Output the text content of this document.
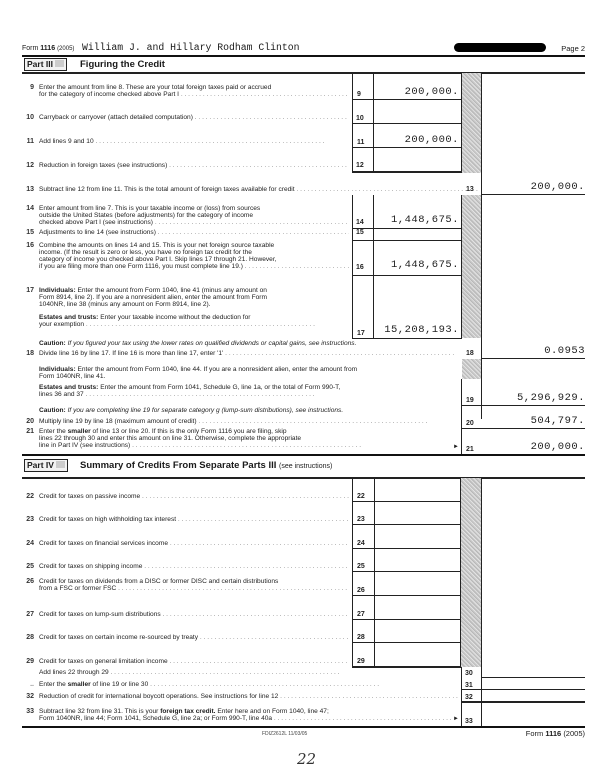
Form 1116 (2005) William J. and Hillary Rodham Clinton	Page 2
Part III	Figuring the Credit
9 Enter the amount from line 8. These are your total foreign taxes paid or accrued
for the category of income checked above Part I . . .	9	200,000.
10 Carryback or carryover (attach detailed computation) . . .	10
11 Add lines 9 and 10 . . .	11	200,000.
12 Reduction in foreign taxes (see instructions) . . .	12
13 Subtract line 12 from line 11. This is the total amount of foreign taxes available for credit . . .	13	200,000.
14 Enter amount from line 7. This is your taxable income or (loss) from sources
outside the United States (before adjustments) for the category of income
checked above Part I (see instructions) . . .	14	1,448,675.
15 Adjustments to line 14 (see instructions) . . .	15
16 Combine the amounts on lines 14 and 15. This is your net foreign source taxable
income. (If the result is zero or less, you have no foreign tax credit for the
category of income you checked above Part I. Skip lines 17 through 21. However,
if you are filing more than one Form 1116, you must complete line 19.) . . .	16	1,448,675.
17 Individuals: Enter the amount from Form 1040, line 41 (minus any amount on
Form 8914, line 2). If you are a nonresident alien, enter the amount from Form
1040NR, line 38 (minus any amount on Form 8914, line 2).
Estates and trusts: Enter your taxable income without the deduction for
your exemption . . .
17	15,208,193.
Caution: If you figured your tax using the lower rates on qualified dividends or capital gains, see instructions.
18 Divide line 16 by line 17. If line 16 is more than line 17, enter '1' . . .	18	0.0953
Individuals: Enter the amount from Form 1040, line 44. If you are a nonresident alien, enter the amount from
Form 1040NR, line 41.
Estates and trusts: Enter the amount from Form 1041, Schedule G, line 1a, or the total of Form 990-T,
lines 36 and 37 . . .
19	5,296,929.
Caution: If you are completing line 19 for separate category g (lump-sum distributions), see instructions.
20 Multiply line 19 by line 18 (maximum amount of credit) . . .	20	504,797.
21 Enter the smaller of line 13 or line 20. If this is the only Form 1116 you are filing, skip
lines 22 through 30 and enter this amount on line 31. Otherwise, complete the appropriate
line in Part IV (see instructions) . . .	► 21	200,000.
Part IV	Summary of Credits From Separate Parts III (see instructions)
22 Credit for taxes on passive income . . .	22
23 Credit for taxes on high withholding tax interest . . .	23
24 Credit for taxes on financial services income . . .	24
25 Credit for taxes on shipping income . . .	25
26 Credit for taxes on dividends from a DISC or former DISC and certain distributions
from a FSC or former FSC . . .	26
27 Credit for taxes on lump-sum distributions . . .	27
28 Credit for taxes on certain income re-sourced by treaty . . .	28
29 Credit for taxes on general limitation income . . .	29
Add lines 22 through 29 . . .	30
.. Enter the smaller of line 19 or line 30 . . .	31
32 Reduction of credit for international boycott operations. See instructions for line 12 . . .	32
33 Subtract line 32 from line 31. This is your foreign tax credit. Enter here and on Form 1040, line 47;
Form 1040NR, line 44; Form 1041, Schedule G, line 2a; or Form 990-T, line 40a . . .	► 33
FDIZ2612L 11/03/05	Form 1116 (2005)
22
